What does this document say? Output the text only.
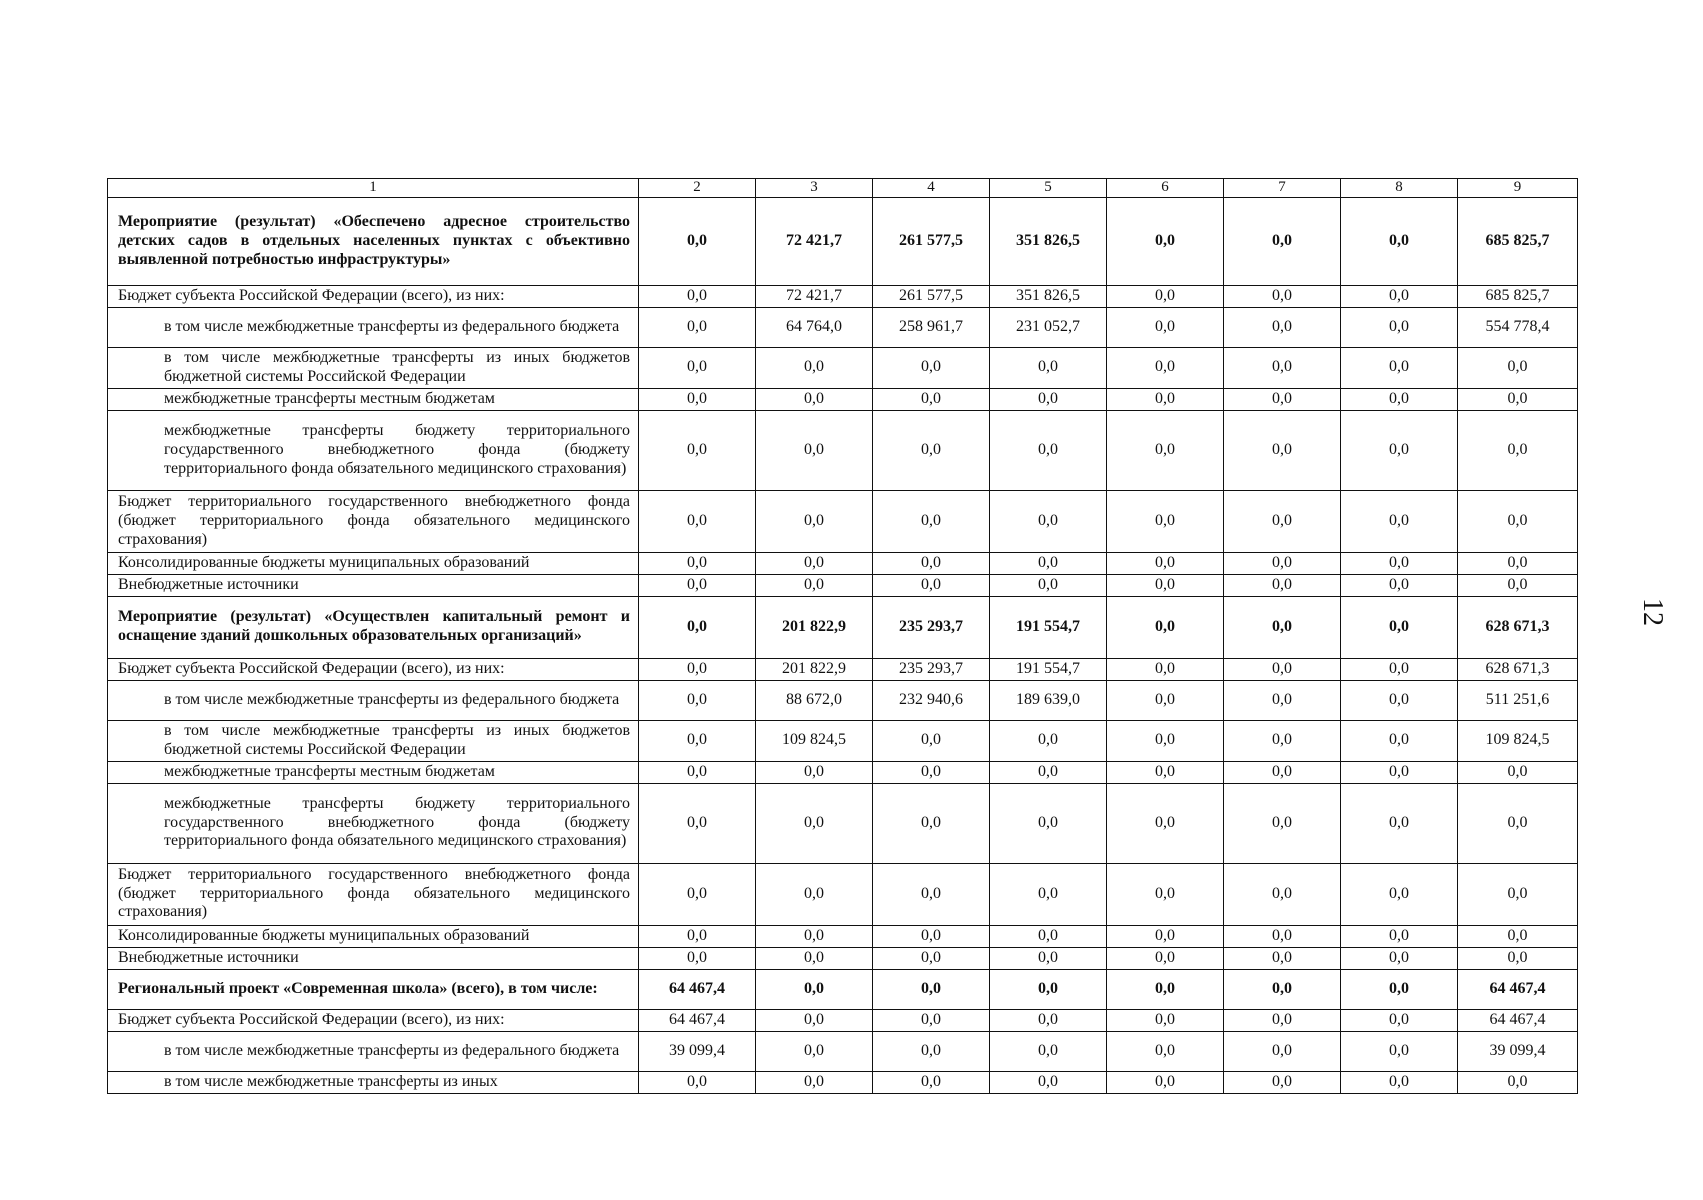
12
1	2	3	4	5	6	7	8	9
Мероприятие (результат) «Обеспечено адресное строительство детских садов в отдельных населенных пунктах с объективно выявленной потребностью инфраструктуры»	0,0	72 421,7	261 577,5	351 826,5	0,0	0,0	0,0	685 825,7
Бюджет субъекта Российской Федерации (всего), из них:	0,0	72 421,7	261 577,5	351 826,5	0,0	0,0	0,0	685 825,7
в том числе межбюджетные трансферты из федерального бюджета	0,0	64 764,0	258 961,7	231 052,7	0,0	0,0	0,0	554 778,4
в том числе межбюджетные трансферты из иных бюджетов бюджетной системы Российской Федерации	0,0	0,0	0,0	0,0	0,0	0,0	0,0	0,0
межбюджетные трансферты местным бюджетам	0,0	0,0	0,0	0,0	0,0	0,0	0,0	0,0
межбюджетные трансферты бюджету территориального государственного внебюджетного фонда (бюджету территориального фонда обязательного медицинского страхования)	0,0	0,0	0,0	0,0	0,0	0,0	0,0	0,0
Бюджет территориального государственного внебюджетного фонда (бюджет территориального фонда обязательного медицинского страхования)	0,0	0,0	0,0	0,0	0,0	0,0	0,0	0,0
Консолидированные бюджеты муниципальных образований	0,0	0,0	0,0	0,0	0,0	0,0	0,0	0,0
Внебюджетные источники	0,0	0,0	0,0	0,0	0,0	0,0	0,0	0,0
Мероприятие (результат) «Осуществлен капитальный ремонт и оснащение зданий дошкольных образовательных организаций»	0,0	201 822,9	235 293,7	191 554,7	0,0	0,0	0,0	628 671,3
Бюджет субъекта Российской Федерации (всего), из них:	0,0	201 822,9	235 293,7	191 554,7	0,0	0,0	0,0	628 671,3
в том числе межбюджетные трансферты из федерального бюджета	0,0	88 672,0	232 940,6	189 639,0	0,0	0,0	0,0	511 251,6
в том числе межбюджетные трансферты из иных бюджетов бюджетной системы Российской Федерации	0,0	109 824,5	0,0	0,0	0,0	0,0	0,0	109 824,5
межбюджетные трансферты местным бюджетам	0,0	0,0	0,0	0,0	0,0	0,0	0,0	0,0
межбюджетные трансферты бюджету территориального государственного внебюджетного фонда (бюджету территориального фонда обязательного медицинского страхования)	0,0	0,0	0,0	0,0	0,0	0,0	0,0	0,0
Бюджет территориального государственного внебюджетного фонда (бюджет территориального фонда обязательного медицинского страхования)	0,0	0,0	0,0	0,0	0,0	0,0	0,0	0,0
Консолидированные бюджеты муниципальных образований	0,0	0,0	0,0	0,0	0,0	0,0	0,0	0,0
Внебюджетные источники	0,0	0,0	0,0	0,0	0,0	0,0	0,0	0,0
Региональный проект «Современная школа» (всего), в том числе:	64 467,4	0,0	0,0	0,0	0,0	0,0	0,0	64 467,4
Бюджет субъекта Российской Федерации (всего), из них:	64 467,4	0,0	0,0	0,0	0,0	0,0	0,0	64 467,4
в том числе межбюджетные трансферты из федерального бюджета	39 099,4	0,0	0,0	0,0	0,0	0,0	0,0	39 099,4
в том числе межбюджетные трансферты из иных	0,0	0,0	0,0	0,0	0,0	0,0	0,0	0,0
